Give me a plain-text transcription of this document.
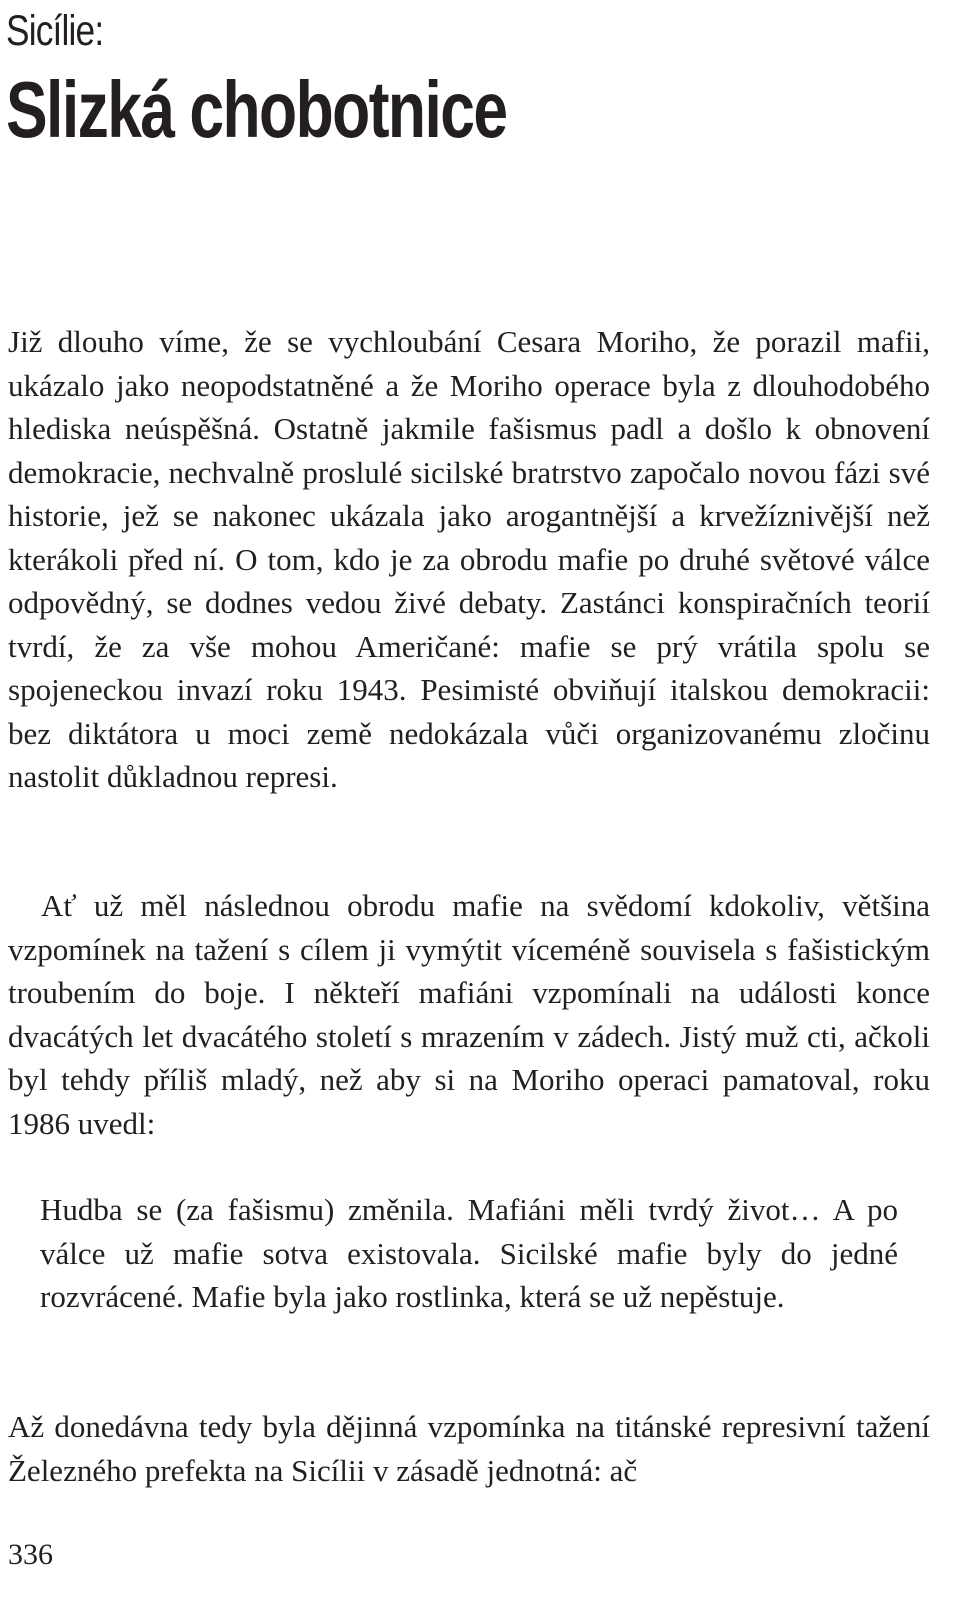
Sicílie:
Slizká chobotnice

Již dlouho víme, že se vychloubání Cesara Moriho, že porazil mafii, ukázalo jako neopodstatněné a že Moriho operace byla z dlouhodobého hlediska neúspěšná. Ostatně jakmile fašismus padl a došlo k obnovení demokracie, nechvalně proslulé sicilské bratrstvo započalo novou fázi své historie, jež se nakonec ukázala jako arogantnější a krvežíznivější než kterákoli před ní. O tom, kdo je za obrodu mafie po druhé světové válce odpovědný, se dodnes vedou živé debaty. Zastánci konspiračních teorií tvrdí, že za vše mohou Američané: mafie se prý vrátila spolu se spojeneckou invazí roku 1943. Pesimisté obviňují italskou demokracii: bez diktátora u moci země nedokázala vůči organizovanému zločinu nastolit důkladnou represi.

Ať už měl následnou obrodu mafie na svědomí kdokoliv, většina vzpomínek na tažení s cílem ji vymýtit víceméně souvisela s fašistickým troubením do boje. I někteří mafiáni vzpomínali na události konce dvacátých let dvacátého století s mrazením v zádech. Jistý muž cti, ačkoli byl tehdy příliš mladý, než aby si na Moriho operaci pamatoval, roku 1986 uvedl:

Hudba se (za fašismu) změnila. Mafiáni měli tvrdý život… A po válce už mafie sotva existovala. Sicilské mafie byly do jedné rozvrácené. Mafie byla jako rostlinka, která se už nepěstuje.

Až donedávna tedy byla dějinná vzpomínka na titánské represivní tažení Železného prefekta na Sicílii v zásadě jednotná: ač

336
